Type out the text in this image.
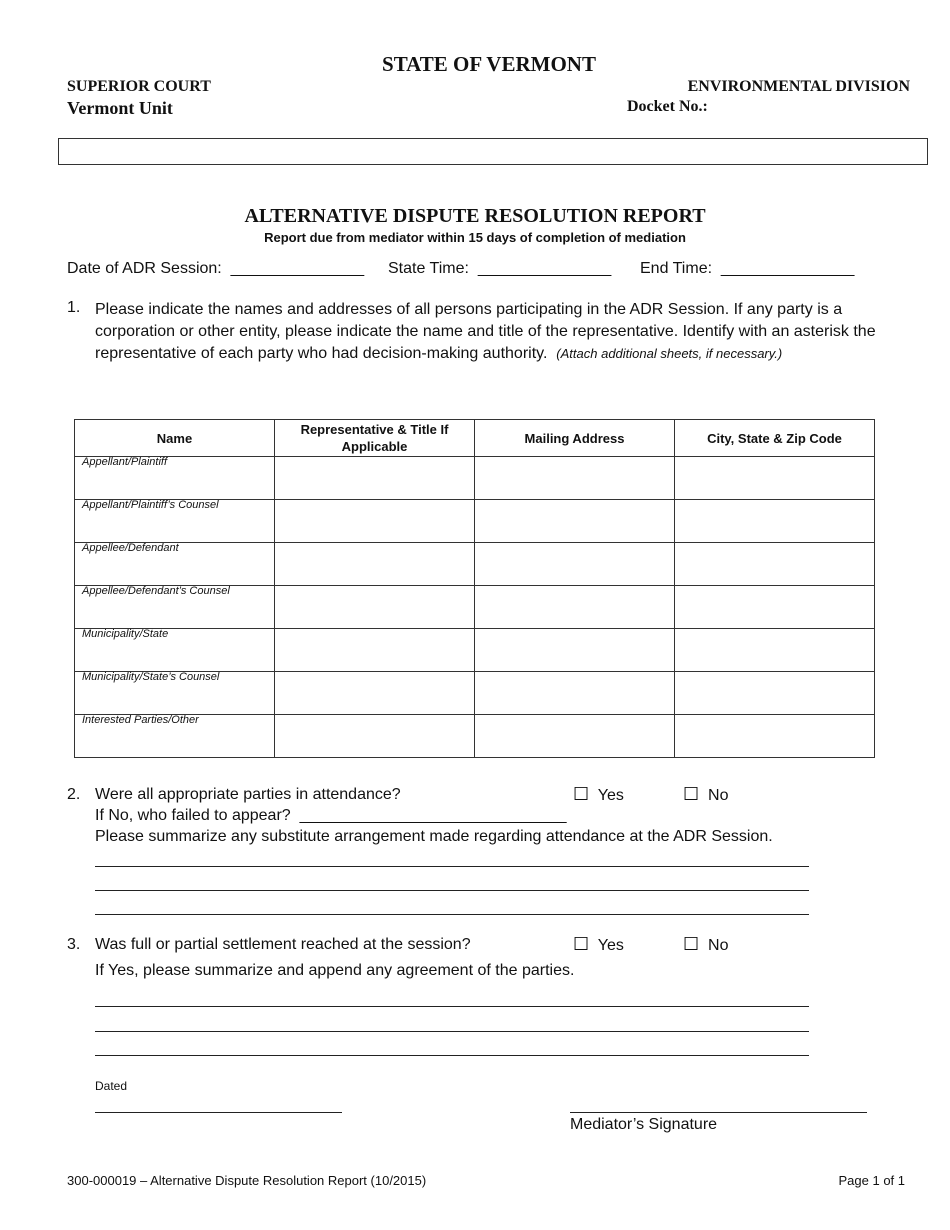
STATE OF VERMONT
SUPERIOR COURT
Vermont Unit
ENVIRONMENTAL DIVISION
Docket No.:
ALTERNATIVE DISPUTE RESOLUTION REPORT
Report due from mediator within 15 days of completion of mediation
Date of ADR Session: _______________ State Time: _______________ End Time: _______________
1. Please indicate the names and addresses of all persons participating in the ADR Session. If any party is a corporation or other entity, please indicate the name and title of the representative. Identify with an asterisk the representative of each party who had decision-making authority. (Attach additional sheets, if necessary.)
Name	Representative & Title If Applicable	Mailing Address	City, State & Zip Code

Appellant/Plaintiff			

Appellant/Plaintiff’s Counsel			

Appellee/Defendant			

Appellee/Defendant’s Counsel			

Municipality/State			

Municipality/State’s Counsel			

Interested Parties/Other			

2. Were all appropriate parties in attendance?	☐ Yes	☐ No
If No, who failed to appear? ______________________________
Please summarize any substitute arrangement made regarding attendance at the ADR Session.
3. Was full or partial settlement reached at the session?	☐ Yes	☐ No
If Yes, please summarize and append any agreement of the parties.
Dated
Mediator’s Signature
300-000019 – Alternative Dispute Resolution Report (10/2015)	Page 1 of 1
